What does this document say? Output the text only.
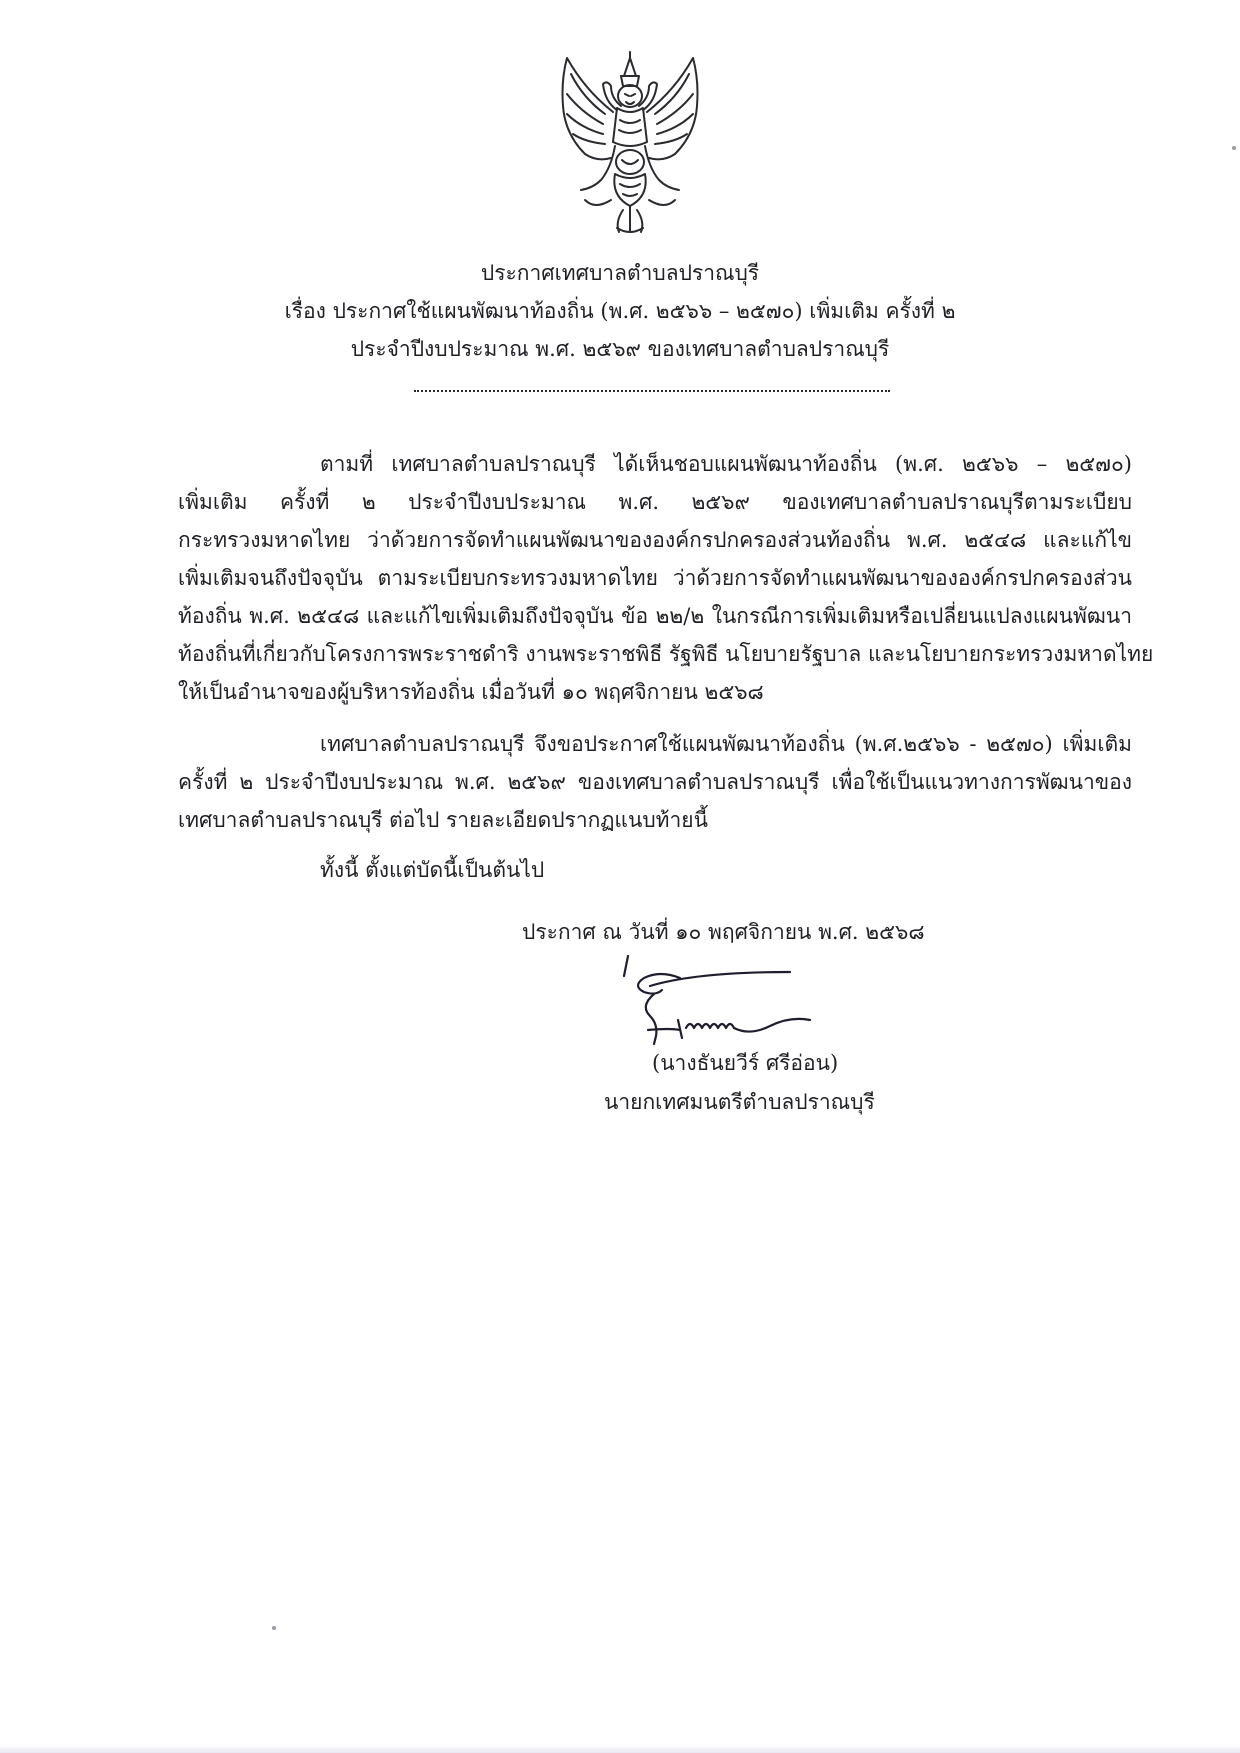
ประกาศเทศบาลตำบลปราณบุรี
เรื่อง ประกาศใช้แผนพัฒนาท้องถิ่น (พ.ศ. ๒๕๖๖ – ๒๕๗๐) เพิ่มเติม ครั้งที่ ๒
ประจำปีงบประมาณ พ.ศ. ๒๕๖๙ ของเทศบาลตำบลปราณบุรี
ตามที่ เทศบาลตำบลปราณบุรี ได้เห็นชอบแผนพัฒนาท้องถิ่น (พ.ศ. ๒๕๖๖ – ๒๕๗๐)
เพิ่มเติม ครั้งที่ ๒ ประจำปีงบประมาณ พ.ศ. ๒๕๖๙ ของเทศบาลตำบลปราณบุรีตามระเบียบ
กระทรวงมหาดไทย ว่าด้วยการจัดทำแผนพัฒนาขององค์กรปกครองส่วนท้องถิ่น พ.ศ. ๒๕๔๘ และแก้ไข
เพิ่มเติมจนถึงปัจจุบัน ตามระเบียบกระทรวงมหาดไทย ว่าด้วยการจัดทำแผนพัฒนาขององค์กรปกครองส่วน
ท้องถิ่น พ.ศ. ๒๕๔๘ และแก้ไขเพิ่มเติมถึงปัจจุบัน ข้อ ๒๒/๒ ในกรณีการเพิ่มเติมหรือเปลี่ยนแปลงแผนพัฒนา
ท้องถิ่นที่เกี่ยวกับโครงการพระราชดำริ งานพระราชพิธี รัฐพิธี นโยบายรัฐบาล และนโยบายกระทรวงมหาดไทย
ให้เป็นอำนาจของผู้บริหารท้องถิ่น เมื่อวันที่ ๑๐ พฤศจิกายน ๒๕๖๘
เทศบาลตำบลปราณบุรี จึงขอประกาศใช้แผนพัฒนาท้องถิ่น (พ.ศ.๒๕๖๖ - ๒๕๗๐) เพิ่มเติม
ครั้งที่ ๒ ประจำปีงบประมาณ พ.ศ. ๒๕๖๙ ของเทศบาลตำบลปราณบุรี เพื่อใช้เป็นแนวทางการพัฒนาของ
เทศบาลตำบลปราณบุรี ต่อไป รายละเอียดปรากฏแนบท้ายนี้
ทั้งนี้ ตั้งแต่บัดนี้เป็นต้นไป
ประกาศ ณ วันที่ ๑๐ พฤศจิกายน พ.ศ. ๒๕๖๘
(นางธันยวีร์ ศรีอ่อน)
นายกเทศมนตรีตำบลปราณบุรี
